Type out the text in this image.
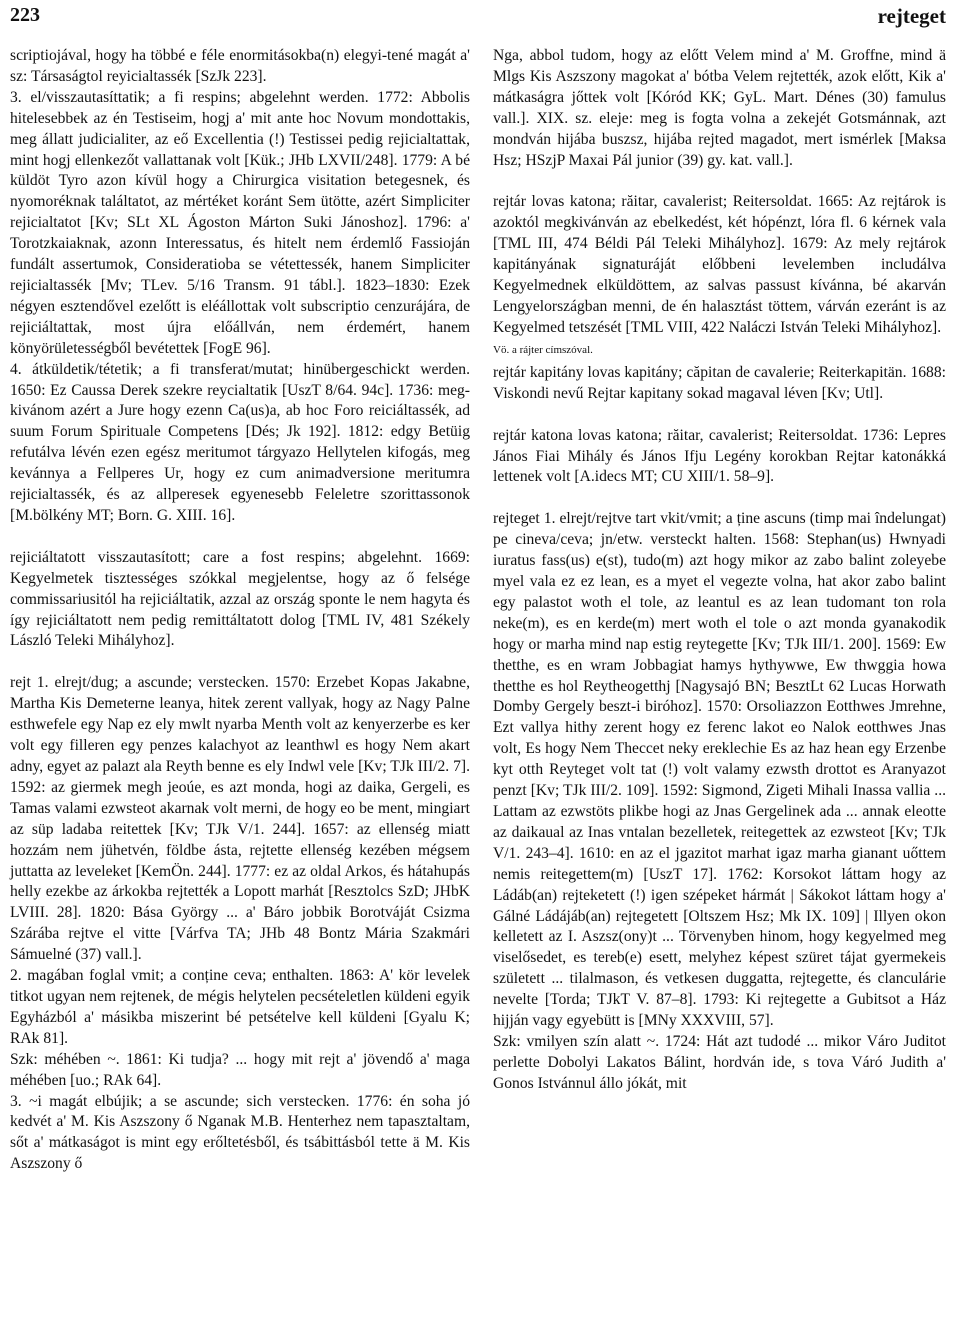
223	rejteget

scriptiojával, hogy ha többé e féle enormitásokba(n) elegyi-tené magát a' sz: Társaságtol reyicialtassék [SzJk 223].

3. el/visszautasíttatik; a fi respins; abgelehnt werden. 1772: Abbolis hitelesebbek az én Testiseim, hogj a' mit ante hoc Novum mondottakis, meg állatt judicialiter, az eő Excellentia (!) Testissei pedig rejicialtattak, mint hogj ellenkezőt vallattanak volt [Kük.; JHb LXVII/248]. 1779: A bé küldöt Tyro azon kívül hogy a Chirurgica visitation betegesnek, és nyomoréknak találtatot, az mértéket koránt Sem ütötte, azért Simpliciter rejicialtatot [Kv; SLt XL Ágoston Márton Suki Jánoshoz]. 1796: a' Torotzkaiaknak, azonn Interessatus, és hitelt nem érdemlő Fassioján fundált assertumok, Consideratioba se vétettessék, hanem Simpliciter rejicialtassék [Mv; TLev. 5/16 Transm. 91 tábl.]. 1823–1830: Ezek négyen esztendővel ezelőtt is eléállottak volt subscriptio cenzurájára, de rejiciáltattak, most újra előállván, nem érdemért, hanem könyörületességből bevétettek [FogE 96].

4. átküldetik/tétetik; a fi transferat/mutat; hinübergeschickt werden. 1650: Ez Caussa Derek szekre reycialtatik [UszT 8/64. 94c]. 1736: meg-kivánom azért a Jure hogy ezenn Ca(us)a, ab hoc Foro reiciáltassék, ad suum Forum Spirituale Competens [Dés; Jk 192]. 1812: edgy Betüig refutálva lévén ezen egész meritumot tárgyazo Hellytelen kifogás, meg kevánnya a Fellperes Ur, hogy ez cum animadversione meritumra rejicialtassék, és az allperesek egyenesebb Feleletre szorittassonok [M.bölkény MT; Born. G. XIII. 16].

rejiciáltatott visszautasított; care a fost respins; abgelehnt. 1669: Kegyelmetek tisztességes szókkal megjelentse, hogy az ő felsége commissariusitól ha rejiciáltatik, azzal az ország sponte le nem hagyta és így rejiciáltatott nem pedig remittáltatott dolog [TML IV, 481 Székely László Teleki Mihályhoz].

rejt 1. elrejt/dug; a ascunde; verstecken. 1570: Erzebet Kopas Jakabne, Martha Kis Demeterne leanya, hitek zerent vallyak, hogy az Nagy Palne esthwefele egy Nap ez ely mwlt nyarba Menth volt az kenyerzerbe es ker volt egy filleren egy penzes kalachyot az leanthwl es hogy Nem akart adny, egyet az palazt ala Reyth benne es ely Indwl vele [Kv; TJk III/2. 7]. 1592: az giermek megh jeoúe, es azt monda, hogi az daika, Gergeli, es Tamas valami ezwsteot akarnak volt merni, de hogy eo be ment, mingiart az süp ladaba reitettek [Kv; TJk V/1. 244]. 1657: az ellenség miatt hozzám nem jühetvén, földbe ásta, rejtette ellenség kezében mégsem juttatta az leveleket [KemÖn. 244]. 1777: ez az oldal Arkos, és hátahupás helly ezekbe az árkokba rejtették a Lopott marhát [Resztolcs SzD; JHbK LVIII. 28]. 1820: Bása György ... a' Báro jobbik Borotváját Csizma Szárába rejtve el vitte [Várfva TA; JHb 48 Bontz Mária Szakmári Sámuelné (37) vall.].

2. magában foglal vmit; a conține ceva; enthalten. 1863: A' kör levelek titkot ugyan nem rejtenek, de mégis helytelen pecsételetlen küldeni egyik Egyházból a' másikba miszerint bé petsételve kell küldeni [Gyalu K; RAk 81].

Szk: méhében ~. 1861: Ki tudja? ... hogy mit rejt a' jövendő a' maga méhében [uo.; RAk 64].

3. ~i magát elbújik; a se ascunde; sich verstecken. 1776: én soha jó kedvét a' M. Kis Aszszony ő Nganak M.B. Henterhez nem tapasztaltam, sőt a' mátkaságot is mint egy erőltetésből, és tsábittásból tette ä M. Kis Aszszony ő

Nga, abbol tudom, hogy az előtt Velem mind a' M. Groffne, mind ä Mlgs Kis Aszszony magokat a' bótba Velem rejtették, azok előtt, Kik a' mátkaságra jőttek volt [Kóród KK; GyL. Mart. Dénes (30) famulus vall.]. XIX. sz. eleje: meg is fogta volna a zekejét Gotsmánnak, azt mondván hijába buszsz, hijába rejted magadot, mert ismérlek [Maksa Hsz; HSzjP Maxai Pál junior (39) gy. kat. vall.].

rejtár lovas katona; răitar, cavalerist; Reitersoldat. 1665: Az rejtárok is azoktól megkivánván az ebelkedést, két hópénzt, lóra fl. 6 kérnek vala [TML III, 474 Béldi Pál Teleki Mihályhoz]. 1679: Az mely rejtárok kapitányának signaturáját előbbeni levelemben includálva Kegyelmednek elküldöttem, az salvas passust kívánna, bé akarván Lengyelországban menni, de én halasztást töttem, várván ezeránt is az Kegyelmed tetszését [TML VIII, 422 Naláczi István Teleki Mihályhoz].

Vö. a rájter címszóval.

rejtár kapitány lovas kapitány; căpitan de cavalerie; Reiterkapitän. 1688: Viskondi nevű Rejtar kapitany sokad magaval léven [Kv; Utl].

rejtár katona lovas katona; răitar, cavalerist; Reitersoldat. 1736: Lepres János Fiai Mihály és János Ifju Legény korokban Rejtar katonákká lettenek volt [A.idecs MT; CU XIII/1. 58–9].

rejteget 1. elrejt/rejtve tart vkit/vmit; a ține ascuns (timp mai îndelungat) pe cineva/ceva; jn/etw. versteckt halten. 1568: Stephan(us) Hwnyadi iuratus fass(us) e(st), tudo(m) azt hogy mikor az zabo balint zoleyebe myel vala ez ez lean, es a myet el vegezte volna, hat akor zabo balint egy palastot woth el tole, az leantul es az lean tudomant ton rola neke(m), es en kerde(m) mert woth el tole o azt monda gyanakodik hogy or marha mind nap estig reytegette [Kv; TJk III/1. 200]. 1569: Ew thetthe, es en wram Jobbagiat hamys hythywwe, Ew thwggia howa thetthe es hol Reytheogetthj [Nagysajó BN; BesztLt 62 Lucas Horwath Domby Gergely beszt-i biróhoz]. 1570: Orsoliazzon Eotthwes Jmrehne, Ezt vallya hithy zerent hogy ez ferenc lakot eo Nalok eotthwes Jnas volt, Es hogy Nem Theccet neky ereklechie Es az haz hean egy Erzenbe kyt otth Reyteget volt tat (!) volt valamy ezwsth drottot es Aranyazot penzt [Kv; TJk III/2. 109]. 1592: Sigmond, Zigeti Mihali Inassa vallia ... Lattam az ezwstöts plikbe hogi az Jnas Gergelinek ada ... annak eleotte az daikaual az Inas vntalan bezelletek, reitegettek az ezwsteot [Kv; TJk V/1. 243–4]. 1610: en az el jgazitot marhat igaz marha gianant uőttem nemis reitegettem(m) [UszT 17]. 1762: Korsokot láttam hogy az Ládáb(an) rejteketett (!) igen szépeket hármát | Sákokot láttam hogy a' Gálné Ládájáb(an) rejtegetett [Oltszem Hsz; Mk IX. 109] | Illyen okon kelletett az I. Aszsz(ony)t ... Törvenyben hinom, hogy kegyelmed meg viselősedet, es tereb(e) esett, melyhez képest szüret tájat gyermekeis született ... tilalmason, és vetkesen duggatta, rejtegette, és clanculárie nevelte [Torda; TJkT V. 87–8]. 1793: Ki rejtegette a Gubitsot a Ház hijján vagy egyebütt is [MNy XXXVIII, 57].

Szk: vmilyen szín alatt ~. 1724: Hát azt tudodé ... mikor Váro Juditot perlette Dobolyi Lakatos Bálint, hordván ide, s tova Váró Judith a' Gonos Istvánnul állo jókát, mit
